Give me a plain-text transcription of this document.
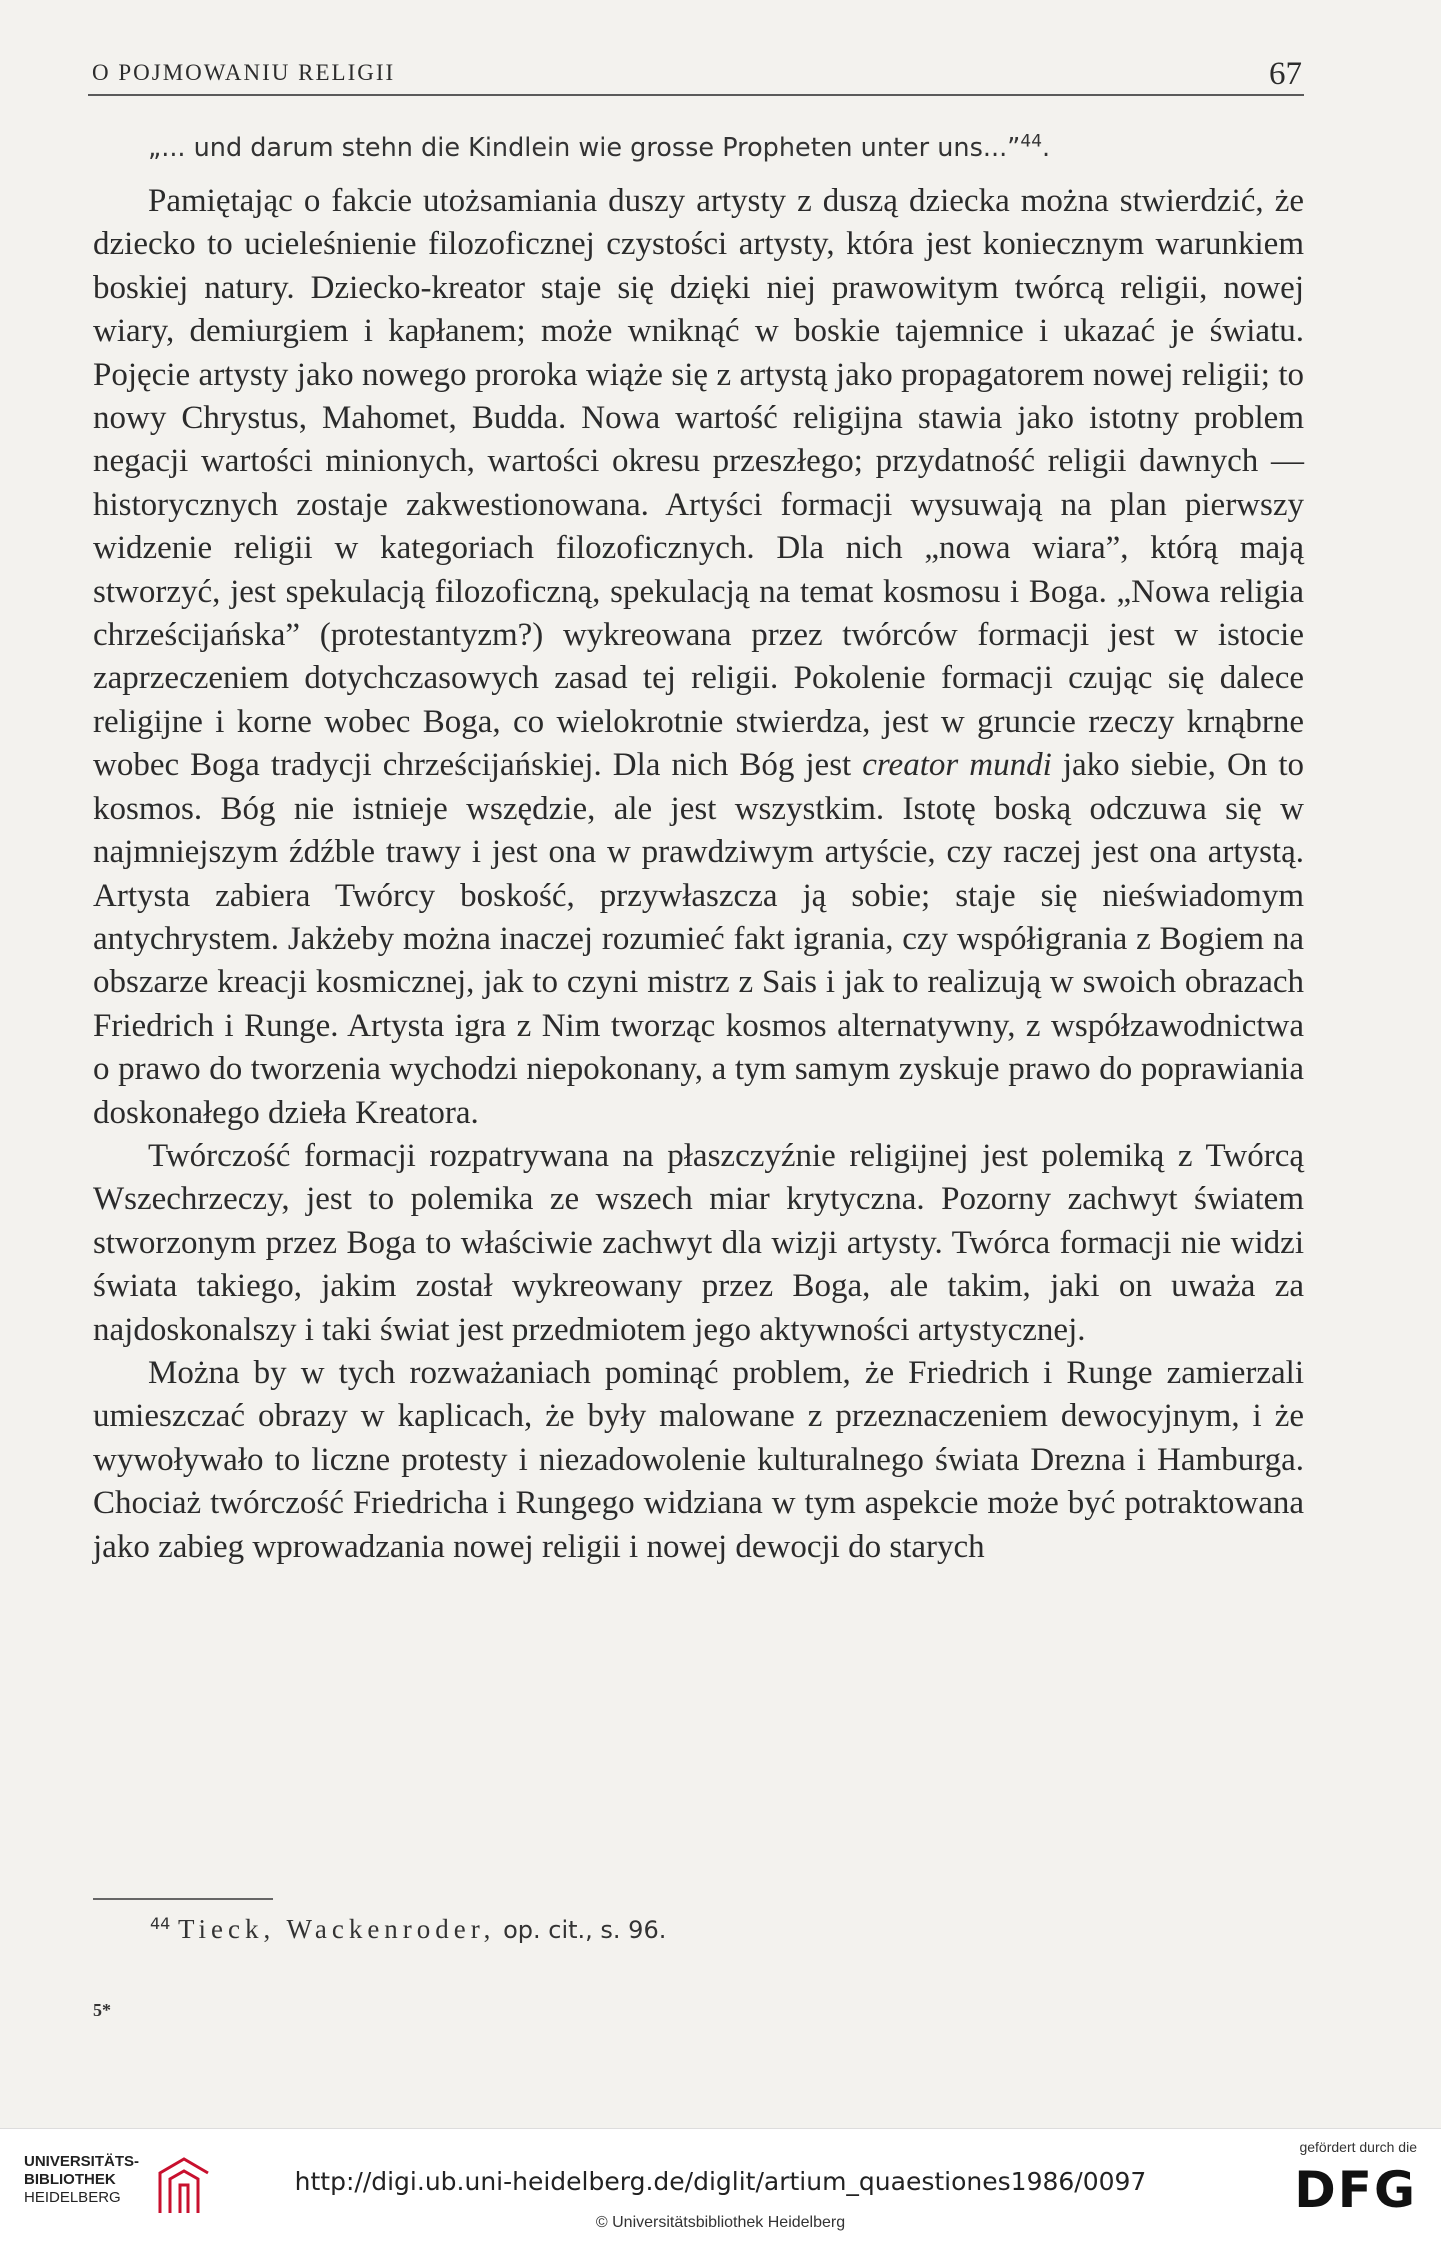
O POJMOWANIU RELIGII	67

„... und darum stehn die Kindlein wie grosse Propheten unter uns...”$^{44}$.

Pamiętając o fakcie utożsamiania duszy artysty z duszą dziecka można stwierdzić, że dziecko to ucieleśnienie filozoficznej czystości artysty, która jest koniecznym warunkiem boskiej natury. Dziecko-kreator staje się dzięki niej prawowitym twórcą religii, nowej wiary, demiurgiem i kapłanem; może wniknąć w boskie tajemnice i ukazać je światu. Pojęcie artysty jako nowego proroka wiąże się z artystą jako propagatorem nowej religii; to nowy Chrystus, Mahomet, Budda. Nowa wartość religijna stawia jako istotny problem negacji wartości minionych, wartości okresu przeszłego; przydatność religii dawnych — historycznych zostaje zakwestionowana. Artyści formacji wysuwają na plan pierwszy widzenie religii w kategoriach filozoficznych. Dla nich „nowa wiara”, którą mają stworzyć, jest spekulacją filozoficzną, spekulacją na temat kosmosu i Boga. „Nowa religia chrześcijańska” (protestantyzm?) wykreowana przez twórców formacji jest w istocie zaprzeczeniem dotychczasowych zasad tej religii. Pokolenie formacji czując się dalece religijne i korne wobec Boga, co wielokrotnie stwierdza, jest w gruncie rzeczy krnąbrne wobec Boga tradycji chrześcijańskiej. Dla nich Bóg jest creator mundi jako siebie, On to kosmos. Bóg nie istnieje wszędzie, ale jest wszystkim. Istotę boską odczuwa się w najmniejszym źdźble trawy i jest ona w prawdziwym artyście, czy raczej jest ona artystą. Artysta zabiera Twórcy boskość, przywłaszcza ją sobie; staje się nieświadomym antychrystem. Jakżeby można inaczej rozumieć fakt igrania, czy współigrania z Bogiem na obszarze kreacji kosmicznej, jak to czyni mistrz z Sais i jak to realizują w swoich obrazach Friedrich i Runge. Artysta igra z Nim tworząc kosmos alternatywny, z współzawodnictwa o prawo do tworzenia wychodzi niepokonany, a tym samym zyskuje prawo do poprawiania doskonałego dzieła Kreatora.

Twórczość formacji rozpatrywana na płaszczyźnie religijnej jest polemiką z Twórcą Wszechrzeczy, jest to polemika ze wszech miar krytyczna. Pozorny zachwyt światem stworzonym przez Boga to właściwie zachwyt dla wizji artysty. Twórca formacji nie widzi świata takiego, jakim został wykreowany przez Boga, ale takim, jaki on uważa za najdoskonalszy i taki świat jest przedmiotem jego aktywności artystycznej.

Można by w tych rozważaniach pominąć problem, że Friedrich i Runge zamierzali umieszczać obrazy w kaplicach, że były malowane z przeznaczeniem dewocyjnym, i że wywoływało to liczne protesty i niezadowolenie kulturalnego świata Drezna i Hamburga. Chociaż twórczość Friedricha i Rungego widziana w tym aspekcie może być potraktowana jako zabieg wprowadzania nowej religii i nowej dewocji do starych

$^{44}$ Tieck, Wackenroder, op. cit., s. 96.
5*
UNIVERSITÄTS-
BIBLIOTHEK
HEIDELBERG
http://digi.ub.uni-heidelberg.de/diglit/artium_quaestiones1986/0097
© Universitätsbibliothek Heidelberg
gefördert durch die
DFG
